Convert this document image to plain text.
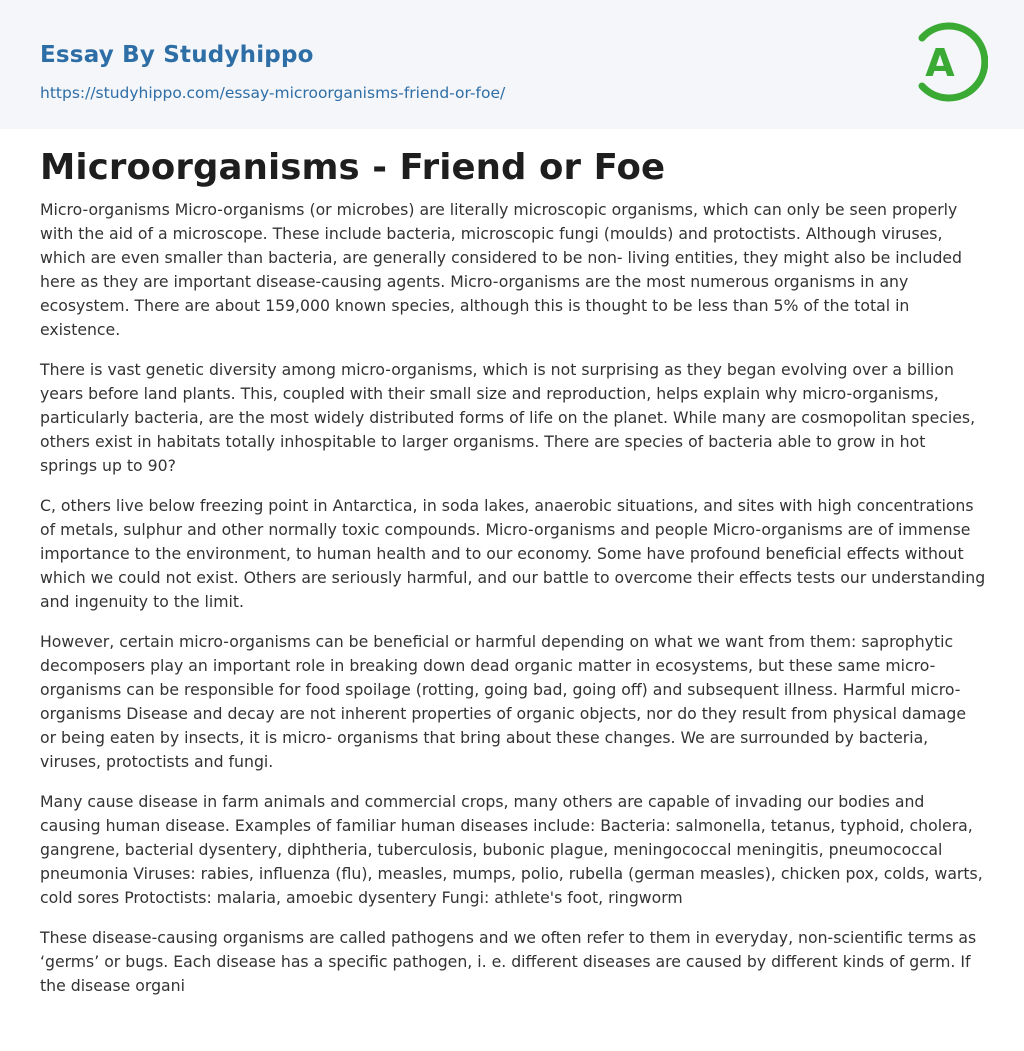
Essay By Studyhippo
https://studyhippo.com/essay-microorganisms-friend-or-foe/
A
Microorganisms - Friend or Foe

Micro-organisms Micro-organisms (or microbes) are literally microscopic organisms, which can only be seen properly with the aid of a microscope. These include bacteria, microscopic fungi (moulds) and protoctists. Although viruses, which are even smaller than bacteria, are generally considered to be non- living entities, they might also be included here as they are important disease-causing agents. Micro-organisms are the most numerous organisms in any ecosystem. There are about 159,000 known species, although this is thought to be less than 5% of the total in existence.

There is vast genetic diversity among micro-organisms, which is not surprising as they began evolving over a billion years before land plants. This, coupled with their small size and reproduction, helps explain why micro-organisms, particularly bacteria, are the most widely distributed forms of life on the planet. While many are cosmopolitan species, others exist in habitats totally inhospitable to larger organisms. There are species of bacteria able to grow in hot springs up to 90?

C, others live below freezing point in Antarctica, in soda lakes, anaerobic situations, and sites with high concentrations of metals, sulphur and other normally toxic compounds. Micro-organisms and people Micro-organisms are of immense importance to the environment, to human health and to our economy. Some have profound beneficial effects without which we could not exist. Others are seriously harmful, and our battle to overcome their effects tests our understanding and ingenuity to the limit.

However, certain micro-organisms can be beneficial or harmful depending on what we want from them: saprophytic decomposers play an important role in breaking down dead organic matter in ecosystems, but these same micro- organisms can be responsible for food spoilage (rotting, going bad, going off) and subsequent illness. Harmful micro-organisms Disease and decay are not inherent properties of organic objects, nor do they result from physical damage or being eaten by insects, it is micro- organisms that bring about these changes. We are surrounded by bacteria, viruses, protoctists and fungi.

Many cause disease in farm animals and commercial crops, many others are capable of invading our bodies and causing human disease. Examples of familiar human diseases include: Bacteria: salmonella, tetanus, typhoid, cholera, gangrene, bacterial dysentery, diphtheria, tuberculosis, bubonic plague, meningococcal meningitis, pneumococcal pneumonia Viruses: rabies, influenza (flu), measles, mumps, polio, rubella (german measles), chicken pox, colds, warts, cold sores Protoctists: malaria, amoebic dysentery Fungi: athlete's foot, ringworm

These disease-causing organisms are called pathogens and we often refer to them in everyday, non-scientific terms as ‘germs’ or bugs. Each disease has a specific pathogen, i. e. different diseases are caused by different kinds of germ. If the disease organi
